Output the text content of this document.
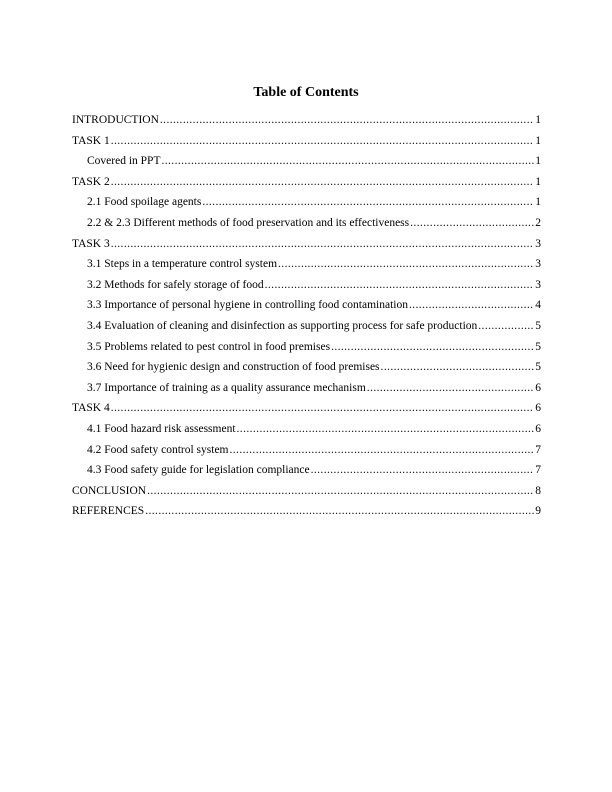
Table of Contents
INTRODUCTION .....	1
TASK 1 .....	1
Covered in PPT .....	1
TASK 2 .....	1
2.1 Food spoilage agents .....	1
2.2 & 2.3 Different methods of food preservation and its effectiveness .....	2
TASK 3 .....	3
3.1 Steps in a temperature control system .....	3
3.2 Methods for safely storage of food .....	3
3.3 Importance of personal hygiene in controlling food contamination .....	4
3.4 Evaluation of cleaning and disinfection as supporting process for safe production .....	5
3.5 Problems related to pest control in food premises .....	5
3.6 Need for hygienic design and construction of food premises .....	5
3.7 Importance of training as a quality assurance mechanism .....	6
TASK 4 .....	6
4.1 Food hazard risk assessment .....	6
4.2 Food safety control system .....	7
4.3 Food safety guide for legislation compliance .....	7
CONCLUSION .....	8
REFERENCES .....	9
